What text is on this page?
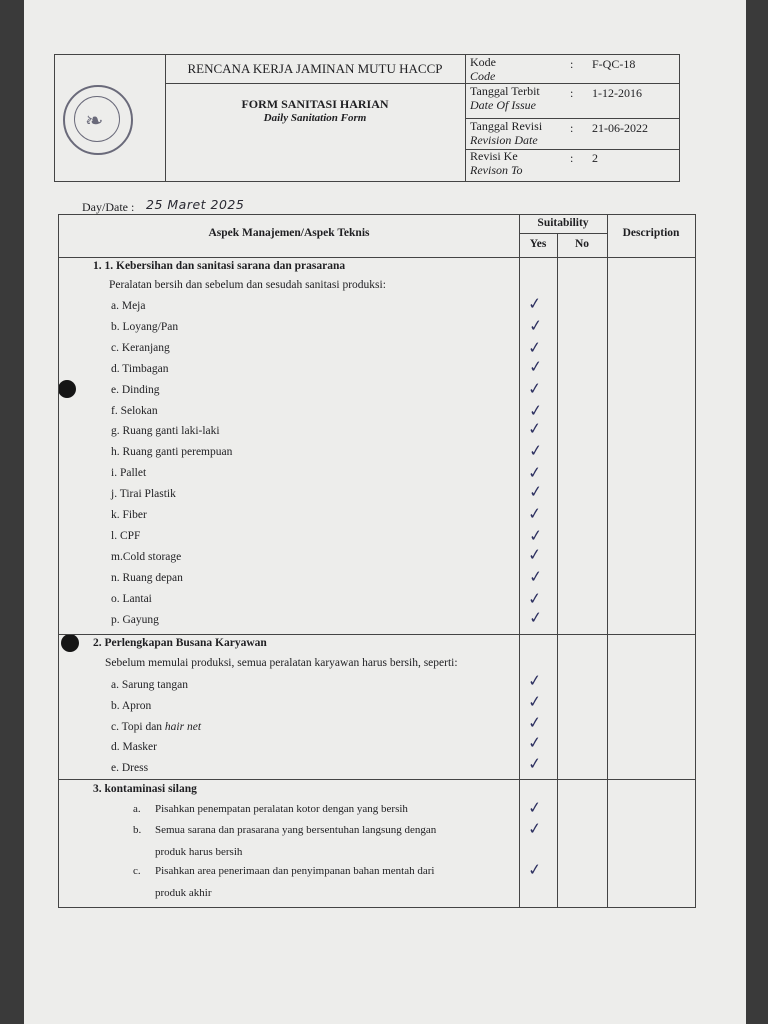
❧
RENCANA KERJA JAMINAN MUTU HACCP
FORM SANITASI HARIAN
Daily Sanitation Form
Kode
Code
: F-QC-18
Tanggal Terbit
Date Of Issue
: 1-12-2016
Tanggal Revisi
Revision Date
: 21-06-2022
Revisi Ke
Revison To
: 2
Day/Date : 25 Maret 2025
Aspek Manajemen/Aspek Teknis
Suitability
Yes	No
Description
1. 1. Kebersihan dan sanitasi sarana dan prasarana
Peralatan bersih dan sebelum dan sesudah sanitasi produksi:
a. Meja	✓
b. Loyang/Pan	✓
c. Keranjang	✓
d. Timbagan	✓
e. Dinding	✓
f. Selokan	✓
g. Ruang ganti laki-laki	✓
h. Ruang ganti perempuan	✓
i. Pallet	✓
j. Tirai Plastik	✓
k. Fiber	✓
l. CPF	✓
m.Cold storage	✓
n. Ruang depan	✓
o. Lantai	✓
p. Gayung	✓
2. Perlengkapan Busana Karyawan
Sebelum memulai produksi, semua peralatan karyawan harus bersih, seperti:
a. Sarung tangan	✓
b. Apron	✓
c. Topi dan hair net	✓
d. Masker	✓
e. Dress	✓
3. kontaminasi silang
a. Pisahkan penempatan peralatan kotor dengan yang bersih	✓
b. Semua sarana dan prasarana yang bersentuhan langsung dengan
produk harus bersih
✓
c. Pisahkan area penerimaan dan penyimpanan bahan mentah dari
produk akhir
✓
